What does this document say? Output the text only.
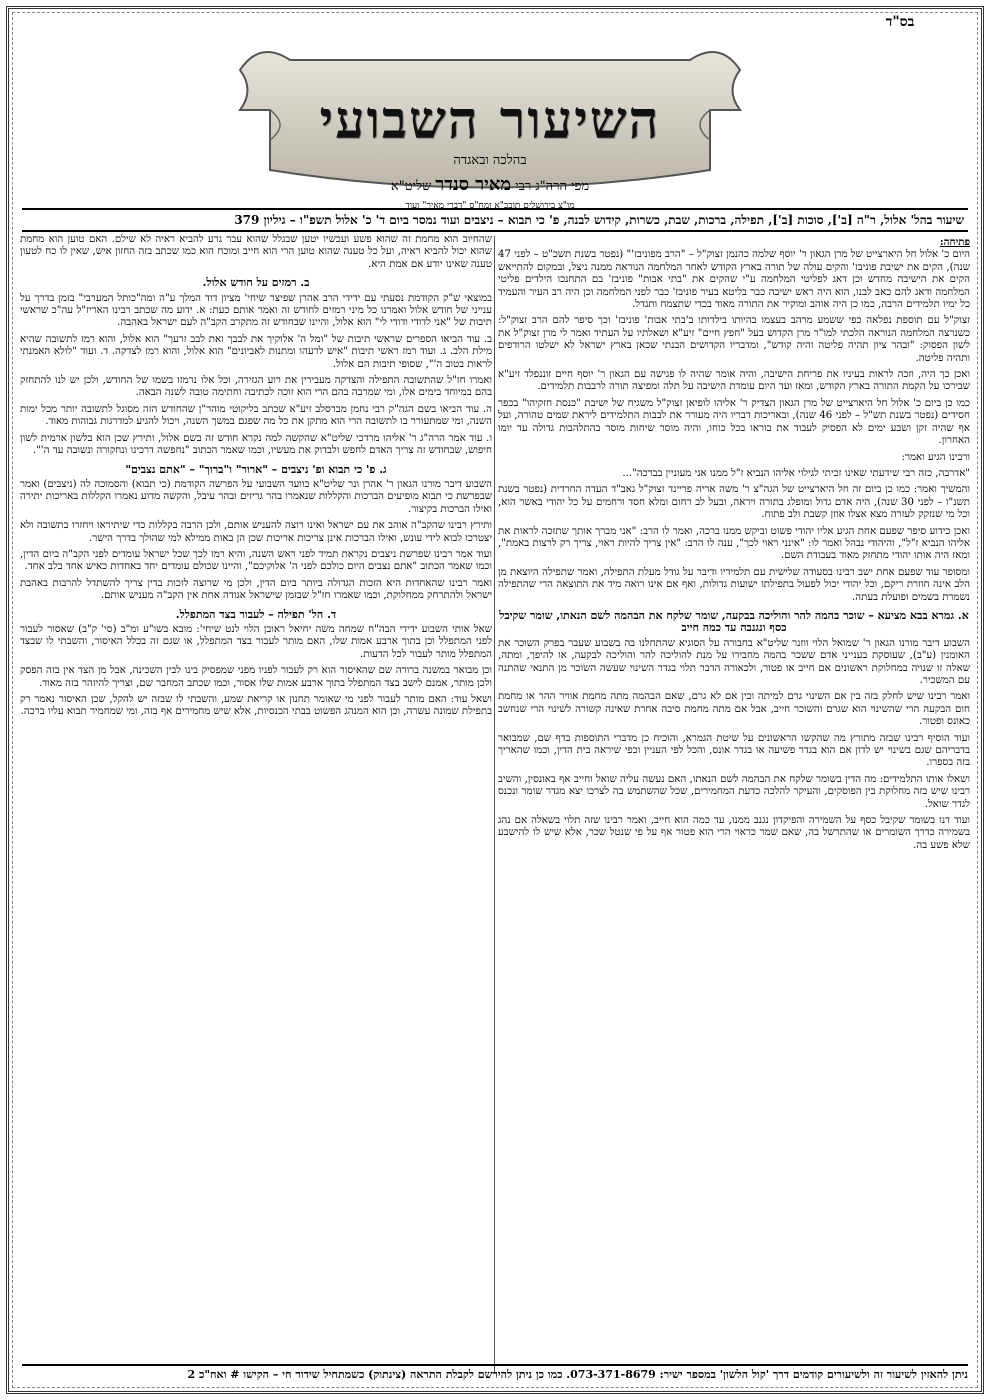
בס"ד
השיעור השבועי
בהלכה ובאגדה
מפי הרה"ג רבי מאיר סנדר שליט"א
מו"צ בירושלים תובב"א ומח"ס "דברי מאיר" ועוד
שיעור בהל' אלול, ר"ה [ב'], סוכות [ב'], תפילה, ברכות, שבת, כשרות, קידוש לבנה, פ' כי תבוא – ניצבים ועוד נמסר ביום ד' כ' אלול תשפ"ו – גיליון 379
פתיחה:
היום כ' אלול חל היארצייט של מרן הגאון ר' יוסף שלמה כהנמן זצוק"ל – "הרב מפוניבז'" (נפטר בשנת תשכ"ט – לפני 47 שנה), הקים את ישיבת פוניבז' והקים עולה של תורה בארץ הקודש לאחר המלחמה הנוראה ממנה ניצל, ובמקום להתייאש הקים את הישיבה מחדש וכן דאג לפליטי המלחמה ע"י שהקים את "בתי אבות" פוניבז' בם התחנכו הילדים פליטי המלחמה ודאג להם כאב לבנו, הוא היה ראש ישיבה כבר בליטא בעיר פוניבז' כבר לפני המלחמה וכן היה רב העיר והעמיד כל ימיו תלמידים הרבה, כמו כן היה אוהב ומוקיר את התורה מאוד בכדי שתצמח ותגדל.
זצוק"ל עם תוספת נפלאה כפי ששמע מרהב בעצמו בהיותו בילדותו ב'בתי אבות' פוניבז' וכך סיפר להם הרב זצוק"ל: כשנרצה המלחמה הנוראה הלכתי למו"ר מרן הקדוש בעל "חפץ חיים" זיע"א ושאלתיו על העתיד ואמר לי מרן זצוק"ל את לשון הפסוק: "ובהר ציון תהיה פליטה והיה קודש", ומדבריו הקדושים הבנתי שכאן בארץ ישראל לא ישלטו הרודפים ותהיה פליטה.
ואכן כך היה, וזכה לראות בעיניו את פריחת הישיבה, והיה אומר שהיה לו פגישה עם הגאון ר' יוסף חיים זוננפלד זיע"א שבירכו על הקמת התורה בארץ הקודש, ומאז ועד היום עומדת הישיבה על תלה ומפיצה תורה לרבבות תלמידים.
כמו כן ביום כ' אלול חל היארצייט של מרן הגאון הצדיק ר' אליהו לופיאן זצוק"ל משגיח של ישיבת "כנסת חזקיהו" בכפר חסידים (נפטר בשנת תש"ל – לפני 46 שנה), ובאריכות דבריו היה מעורר את לבבות התלמידים ליראת שמים טהורה, ועל אף שהיה זקן ושבע ימים לא הפסיק לעבוד את בוראו בכל כוחו, והיה מוסר שיחות מוסר בהתלהבות גדולה עד יומו האחרון.
ורבינו הגיע ואמר:
"אדרבה, כזה רבי שידעתי שאינו זכיתי לגילוי אליהו הנביא ז"ל ממנו אני מעוניין בברכה"...
והמשיך ואמר: כמו כן ביום זה חל היארצייט של הגה"צ ר' משה אריה פריינד זצוק"ל גאב"ד העדה החרדית (נפטר בשנת תשנ"ו – לפני 30 שנה), היה אדם גדול ומופלג בתורה ויראה, ובעל לב רחום ומלא חסד ורחמים על כל יהודי באשר הוא, וכל מי שנזקק לעזרה מצא אצלו אוזן קשבת ולב פתוח.
ואכן כידוע סיפר שפעם אחת הגיע אליו יהודי פשוט וביקש ממנו ברכה, ואמר לו הרב: "אני מברך אותך שתזכה לראות את אליהו הנביא ז"ל", והיהודי נבהל ואמר לו: "אינני ראוי לכך", ענה לו הרב: "אין צריך להיות ראוי, צריך רק לרצות באמת", ומאז היה אותו יהודי מתחזק מאוד בעבודת השם.
ומסופר עוד שפעם אחת ישב רבינו בסעודה שלישית עם תלמידיו ודיבר על גודל מעלת התפילה, ואמר שתפילה היוצאת מן הלב אינה חוזרת ריקם, וכל יהודי יכול לפעול בתפילתו ישועות גדולות, ואף אם אינו רואה מיד את התוצאה הרי שהתפילה נשמרת בשמים ופועלת בעתה.
א. גמרא בבא מציעא – שוכר בהמה להר והוליכה בבקעה, שומר שלקח את הבהמה לשם הנאתו, שומר שקיבל כסף ונגנבה עד כמה חייב
השבוע דיבר מורנו הגאון ר' שמואל הלוי ווזנר שליט"א בחבורה על הסוגיא שהתחלנו בה בשבוע שעבר בפרק השוכר את האומנין (ע"ב), שעוסקת בענייני אדם ששכר בהמה מחבירו על מנת להוליכה להר והוליכה לבקעה, או להיפך, ומתה, שאלה זו שנויה במחלוקת ראשונים אם חייב או פטור, ולכאורה הדבר תלוי בגדר השינוי שעשה השוכר מן התנאי שהתנה עם המשכיר.
ואמר רבינו שיש לחלק בזה בין אם השינוי גרם למיתה ובין אם לא גרם, שאם הבהמה מתה מחמת אוויר ההר או מחמת חום הבקעה הרי שהשינוי הוא שגרם והשוכר חייב, אבל אם מתה מחמת סיבה אחרת שאינה קשורה לשינוי הרי שנחשב כאונס ופטור.
ועוד הוסיף רבינו שבזה מתורץ מה שהקשו הראשונים על שיטת הגמרא, והוכיח כן מדברי התוספות בדף שם, שמבואר בדבריהם שגם בשינוי יש לדון אם הוא בגדר פשיעה או בגדר אונס, והכל לפי העניין וכפי שיראה בית הדין, וכמו שהאריך בזה בספרו.
ושאלו אותו התלמידים: מה הדין בשומר שלקח את הבהמה לשם הנאתו, האם נעשה עליה שואל וחייב אף באונסין, והשיב רבינו שיש בזה מחלוקת בין הפוסקים, והעיקר להלכה כדעת המחמירים, שכל שהשתמש בה לצרכו יצא מגדר שומר ונכנס לגדר שואל.
ועוד דנו בשומר שקיבל כסף על השמירה והפיקדון נגנב ממנו, עד כמה הוא חייב, ואמר רבינו שזה תלוי בשאלה אם נהג בשמירה כדרך השומרים או שהתרשל בה, שאם שמר כראוי הרי הוא פטור אף על פי שנטל שכר, אלא שיש לו להישבע שלא פשע בה.
שהחיוב הוא מחמת זה שהוא פשע ועכשיו יטען שבגלל שהוא עבר גרע להביא ראיה לא שילם. האם טוען הוא מחמת שהוא יכול להביא ראיה, ועל כל טענה שהוא טוען הרי הוא חייב ומוכח הוא כמו שכתב בזה החזון איש, שאין לו כח לטעון טענה שאינו יודע אם אמת היא.
ב. רמזים על חודש אלול.
במוצאי ש"ק הקודמת נסעתי עם ידידי הרב אהרן שפיצר שיחי' מציון דוד המלך ע"ה ומה"כותל המערבי" בזמן בדרך על ענייני של חודש אלול ואמרנו כל מיני רמזים לחודש זה ואמר אותם כעת: א. ידוע מה שכתב רבינו האריז"ל עה"כ שראשי תיבות של "אני לדודי ודודי לי" הוא אלול, והיינו שבחודש זה מתקרב הקב"ה לעם ישראל באהבה.
ב. עוד הביאו הספרים שראשי תיבות של "ומל ה' אלוקיך את לבבך ואת לבב זרעך" הוא אלול, והוא רמז לתשובה שהיא מילת הלב. ג. ועוד רמז ראשי תיבות "איש לרעהו ומתנות לאביונים" הוא אלול, והוא רמז לצדקה. ד. ועוד "לולא האמנתי לראות בטוב ה'", שסופי תיבות הם אלול.
ואמרו חז"ל שהתשובה התפילה והצדקה מעבירין את רוע הגזירה, וכל אלו נרמזו בשמו של החודש, ולכן יש לנו להתחזק בהם במיוחד בימים אלו, ומי שמרבה בהם הרי הוא זוכה לכתיבה וחתימה טובה לשנה הבאה.
ה. עוד הביאו בשם הגה"ק רבי נחמן מברסלב זיע"א שכתב בליקוטי מוהר"ן שהחודש הזה מסוגל לתשובה יותר מכל ימות השנה, ומי שמתעורר בו לתשובה הרי הוא מתקן את כל מה שפגם במשך השנה, ויכול להגיע למדרגות גבוהות מאוד.
ו. עוד אמר הרה"ג ר' אליהו מרדכי שליט"א שהקשה למה נקרא חודש זה בשם אלול, ותירץ שכן הוא בלשון ארמית לשון חיפוש, שבחודש זה צריך האדם לחפש ולבדוק את מעשיו, וכמו שאמר הכתוב "נחפשה דרכינו ונחקורה ונשובה עד ה'".
ג. פ' כי תבוא ופ' ניצבים – "ארור" ו"ברוך" – "אתם נצבים"
השבוע דיבר מורנו הגאון ר' אהרן ונר שליט"א בוועד השבועי על הפרשה הקודמת (כי תבוא) והסמוכה לה (ניצבים) ואמר שבפרשת כי תבוא מופיעים הברכות והקללות שנאמרו בהר גריזים ובהר עיבל, והקשה מדוע נאמרו הקללות באריכות יתירה ואילו הברכות בקיצור.
ותירץ רבינו שהקב"ה אוהב את עם ישראל ואינו רוצה להעניש אותם, ולכן הרבה בקללות כדי שיתיראו ויחזרו בתשובה ולא יצטרכו לבוא לידי עונש, ואילו הברכות אינן צריכות אריכות שכן הן באות ממילא למי שהולך בדרך הישר.
ועוד אמר רבינו שפרשת ניצבים נקראת תמיד לפני ראש השנה, והיא רמז לכך שכל ישראל עומדים לפני הקב"ה ביום הדין, וכמו שאמר הכתוב "אתם נצבים היום כולכם לפני ה' אלוקיכם", והיינו שכולם עומדים יחד באחדות כאיש אחד בלב אחד.
ואמר רבינו שהאחדות היא הזכות הגדולה ביותר ביום הדין, ולכן מי שרוצה לזכות בדין צריך להשתדל להרבות באהבת ישראל ולהתרחק ממחלוקת, וכמו שאמרו חז"ל שבזמן שישראל אגודה אחת אין הקב"ה מעניש אותם.
ד. הל' תפילה – לעבור בצד המתפלל.
שאל אותי השבוע ידידי הבה"ח שמחה משה יחיאל ראובן הלוי לנט שיחי': מובא בשו"ע ומ"ב (סי' ק"ב) שאסור לעבור לפני המתפלל וכן בתוך ארבע אמות שלו, האם מותר לעבור בצד המתפלל, או שגם זה בכלל האיסור, והשבתי לו שבצד המתפלל מותר לעבור לכל הדעות.
וכן מבואר במשנה ברורה שם שהאיסור הוא רק לעבור לפניו מפני שמפסיק בינו לבין השכינה, אבל מן הצד אין בזה הפסק ולכן מותר, אמנם לישב בצד המתפלל בתוך ארבע אמות שלו אסור, וכמו שכתב המחבר שם, וצריך להיזהר בזה מאוד.
ושאל עוד: האם מותר לעבור לפני מי שאומר תחנון או קריאת שמע, והשבתי לו שבזה יש להקל, שכן האיסור נאמר רק בתפילת שמונה עשרה, וכן הוא המנהג הפשוט בבתי הכנסיות, אלא שיש מחמירים אף בזה, ומי שמחמיר תבוא עליו ברכה.
ניתן להאזין לשיעור זה ולשיעורים קודמים דרך 'קול הלשון' במספר ישיר: 073-371-8679. כמו כן ניתן להירשם לקבלת התראה (צינתוק) כשמתחיל שידור חי – הקישו # ואח"כ 2
